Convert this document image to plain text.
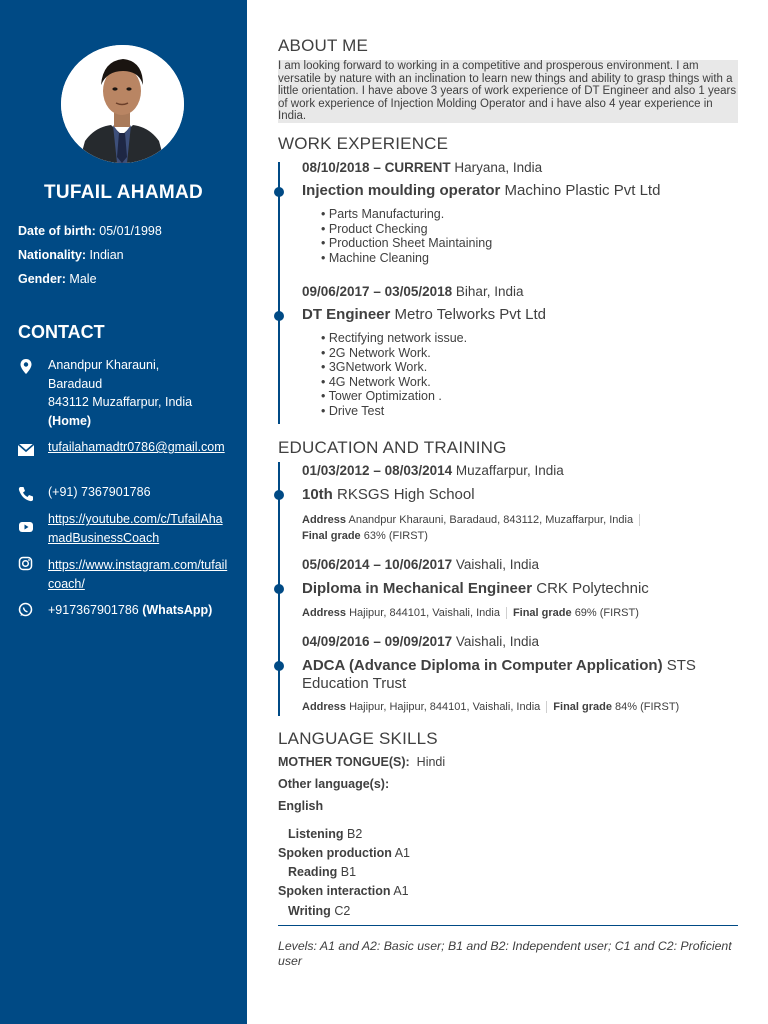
TUFAIL AHAMAD
Date of birth: 05/01/1998
Nationality: Indian
Gender: Male
CONTACT
Anandpur Kharauni,
Baradaud
843112 Muzaffarpur, India
(Home)
tufailahamadtr0786@gmail.com
(+91) 7367901786
https://youtube.com/c/TufailAhamadBusinessCoach
https://www.instagram.com/tufailcoach/
+917367901786 (WhatsApp)
ABOUT ME
I am looking forward to working in a competitive and prosperous environment. I am versatile by nature with an inclination to learn new things and ability to grasp things with a little orientation. I have above 3 years of work experience of DT Engineer and also 1 years of work experience of Injection Molding Operator and i have also 4 year experience in India.
WORK EXPERIENCE
08/10/2018 – CURRENT Haryana, India
Injection moulding operator Machino Plastic Pvt Ltd
• Parts Manufacturing.
• Product Checking
• Production Sheet Maintaining
• Machine Cleaning
09/06/2017 – 03/05/2018 Bihar, India
DT Engineer Metro Telworks Pvt Ltd
• Rectifying network issue.
• 2G Network Work.
• 3GNetwork Work.
• 4G Network Work.
• Tower Optimization .
• Drive Test
EDUCATION AND TRAINING
01/03/2012 – 08/03/2014 Muzaffarpur, India
10th RKSGS High School
Address Anandpur Kharauni, Baradaud, 843112, Muzaffarpur, India
Final grade 63% (FIRST)
05/06/2014 – 10/06/2017 Vaishali, India
Diploma in Mechanical Engineer CRK Polytechnic
Address Hajipur, 844101, Vaishali, India Final grade 69% (FIRST)
04/09/2016 – 09/09/2017 Vaishali, India
ADCA (Advance Diploma in Computer Application) STS Education Trust
Address Hajipur, Hajipur, 844101, Vaishali, India Final grade 84% (FIRST)
LANGUAGE SKILLS
MOTHER TONGUE(S): Hindi
Other language(s):
English
Listening B2
Spoken production A1
Reading B1
Spoken interaction A1
Writing C2
Levels: A1 and A2: Basic user; B1 and B2: Independent user; C1 and C2: Proficient user
